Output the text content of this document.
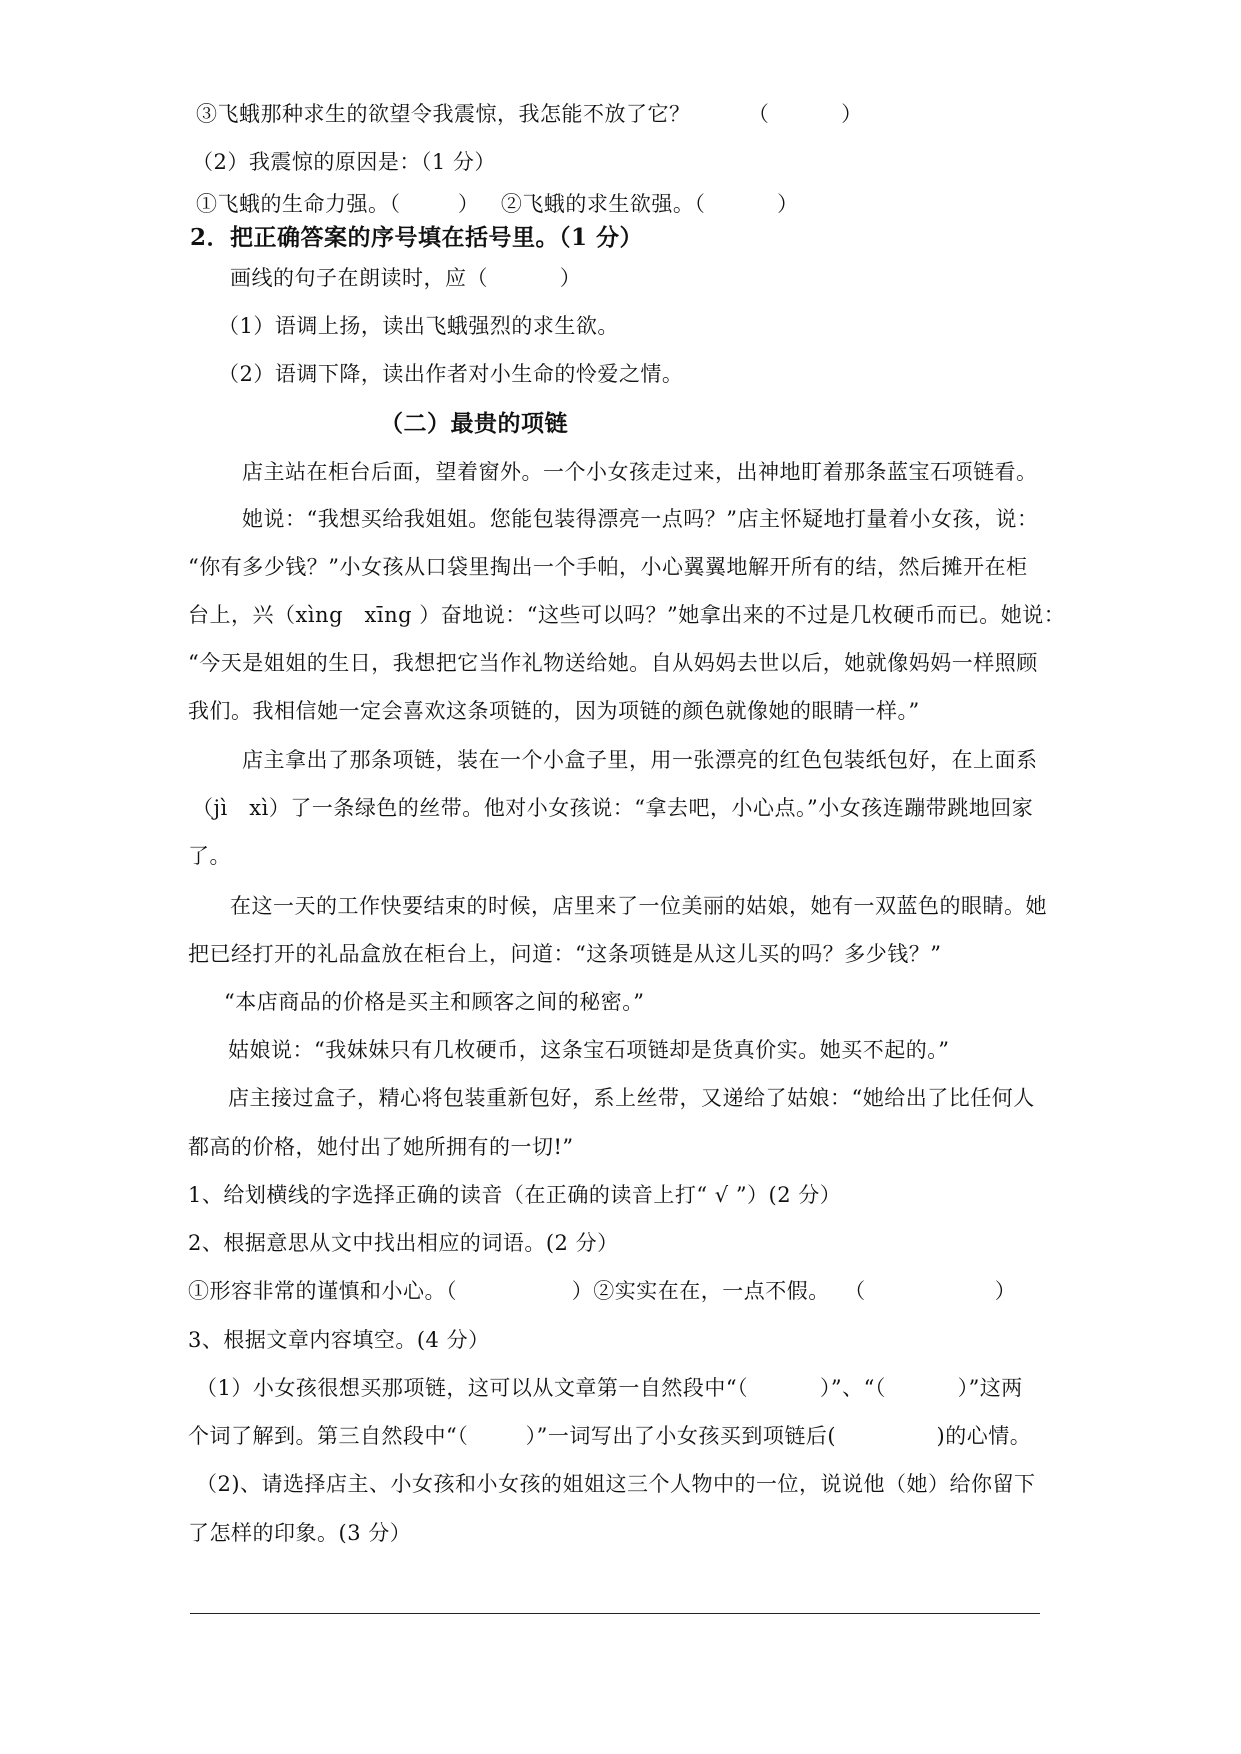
③飞蛾那种求生的欲望令我震惊，我怎能不放了它？        （          ）
（2）我震惊的原因是：（1 分）
①飞蛾的生命力强。（        ）   ②飞蛾的求生欲强。（          ）
2．把正确答案的序号填在括号里。（1 分）
画线的句子在朗读时，应（          ）
（1）语调上扬，读出飞蛾强烈的求生欲。
（2）语调下降，读出作者对小生命的怜爱之情。
（二）最贵的项链
店主站在柜台后面，望着窗外。一个小女孩走过来，出神地盯着那条蓝宝石项链看。
她说：“我想买给我姐姐。您能包装得漂亮一点吗？”店主怀疑地打量着小女孩，说：
“你有多少钱？”小女孩从口袋里掏出一个手帕，小心翼翼地解开所有的结，然后摊开在柜
台上，兴（xìng   xīng ）奋地说：“这些可以吗？”她拿出来的不过是几枚硬币而已。她说：
“今天是姐姐的生日，我想把它当作礼物送给她。自从妈妈去世以后，她就像妈妈一样照顾
我们。我相信她一定会喜欢这条项链的，因为项链的颜色就像她的眼睛一样。”
店主拿出了那条项链，装在一个小盒子里，用一张漂亮的红色包装纸包好，在上面系
（jì   xì）了一条绿色的丝带。他对小女孩说：“拿去吧，小心点。”小女孩连蹦带跳地回家
了。
在这一天的工作快要结束的时候，店里来了一位美丽的姑娘，她有一双蓝色的眼睛。她
把已经打开的礼品盒放在柜台上，问道：“这条项链是从这儿买的吗？多少钱？”
“本店商品的价格是买主和顾客之间的秘密。”
姑娘说：“我妹妹只有几枚硬币，这条宝石项链却是货真价实。她买不起的。”
店主接过盒子，精心将包装重新包好，系上丝带，又递给了姑娘：“她给出了比任何人
都高的价格，她付出了她所拥有的一切!”
1、给划横线的字选择正确的读音（在正确的读音上打“ √ ”）(2 分）
2、根据意思从文中找出相应的词语。(2 分）
①形容非常的谨慎和小心。（                ）②实实在在，一点不假。  （                  ）
3、根据文章内容填空。(4 分）
（1）小女孩很想买那项链，这可以从文章第一自然段中“（          ）”、“（          ）”这两
个词了解到。第三自然段中“（        ）”一词写出了小女孩买到项链后(              )的心情。
（2)、请选择店主、小女孩和小女孩的姐姐这三个人物中的一位，说说他（她）给你留下
了怎样的印象。(3 分）
